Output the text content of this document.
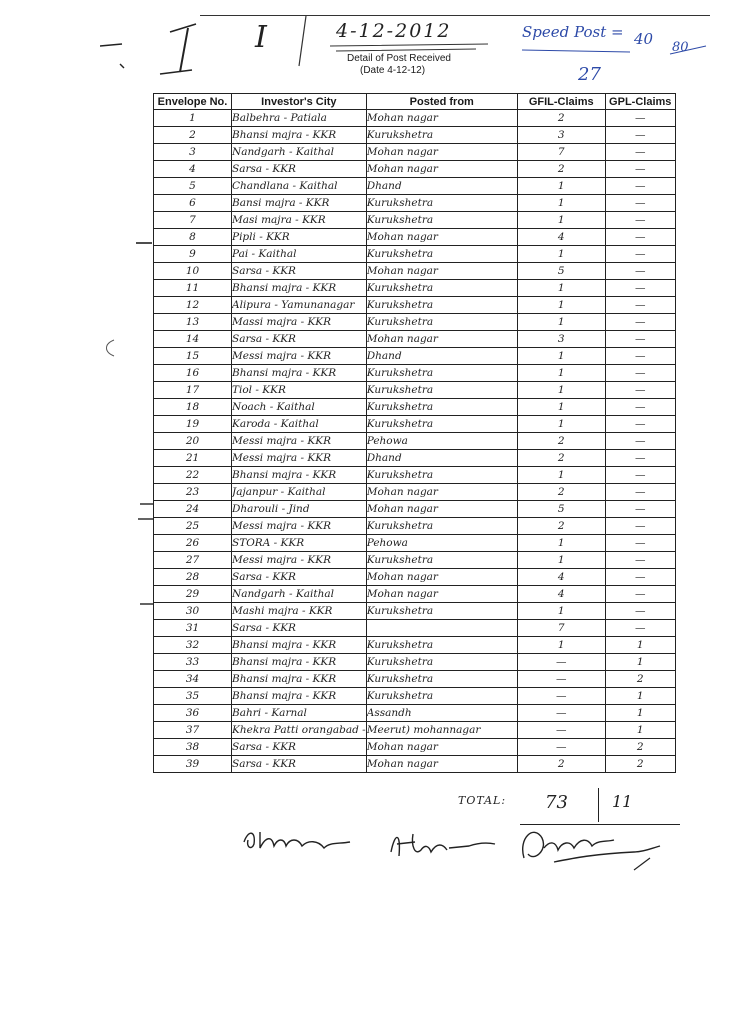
I	4-12-2012
Detail of Post Received
(Date 4-12-12)
Speed Post = 40 80
27
Envelope No.	Investor's City	Posted from	GFIL-Claims	GPL-Claims
1	Balbehra - Patiala	Mohan nagar	2	—
2	Bhansi majra - KKR	Kurukshetra	3	—
3	Nandgarh - Kaithal	Mohan nagar	7	—
4	Sarsa - KKR	Mohan nagar	2	—
5	Chandlana - Kaithal	Dhand	1	—
6	Bansi majra - KKR	Kurukshetra	1	—
7	Masi majra - KKR	Kurukshetra	1	—
8	Pipli - KKR	Mohan nagar	4	—
9	Pai - Kaithal	Kurukshetra	1	—
10	Sarsa - KKR	Mohan nagar	5	—
11	Bhansi majra - KKR	Kurukshetra	1	—
12	Alipura - Yamunanagar	Kurukshetra	1	—
13	Massi majra - KKR	Kurukshetra	1	—
14	Sarsa - KKR	Mohan nagar	3	—
15	Messi majra - KKR	Dhand	1	—
16	Bhansi majra - KKR	Kurukshetra	1	—
17	Tiol - KKR	Kurukshetra	1	—
18	Noach - Kaithal	Kurukshetra	1	—
19	Karoda - Kaithal	Kurukshetra	1	—
20	Messi majra - KKR	Pehowa	2	—
21	Messi majra - KKR	Dhand	2	—
22	Bhansi majra - KKR	Kurukshetra	1	—
23	Jajanpur - Kaithal	Mohan nagar	2	—
24	Dharouli - Jind	Mohan nagar	5	—
25	Messi majra - KKR	Kurukshetra	2	—
26	STORA - KKR	Pehowa	1	—
27	Messi majra - KKR	Kurukshetra	1	—
28	Sarsa - KKR	Mohan nagar	4	—
29	Nandgarh - Kaithal	Mohan nagar	4	—
30	Mashi majra - KKR	Kurukshetra	1	—
31	Sarsa - KKR		7	—
32	Bhansi majra - KKR	Kurukshetra	1	1
33	Bhansi majra - KKR	Kurukshetra	—	1
34	Bhansi majra - KKR	Kurukshetra	—	2
35	Bhansi majra - KKR	Kurukshetra	—	1
36	Bahri - Karnal	Assandh	—	1
37	Khekra Patti orangabad -	Meerut) mohannagar	—	1
38	Sarsa - KKR	Mohan nagar	—	2
39	Sarsa - KKR	Mohan nagar	2	2
TOTAL: 73	11
